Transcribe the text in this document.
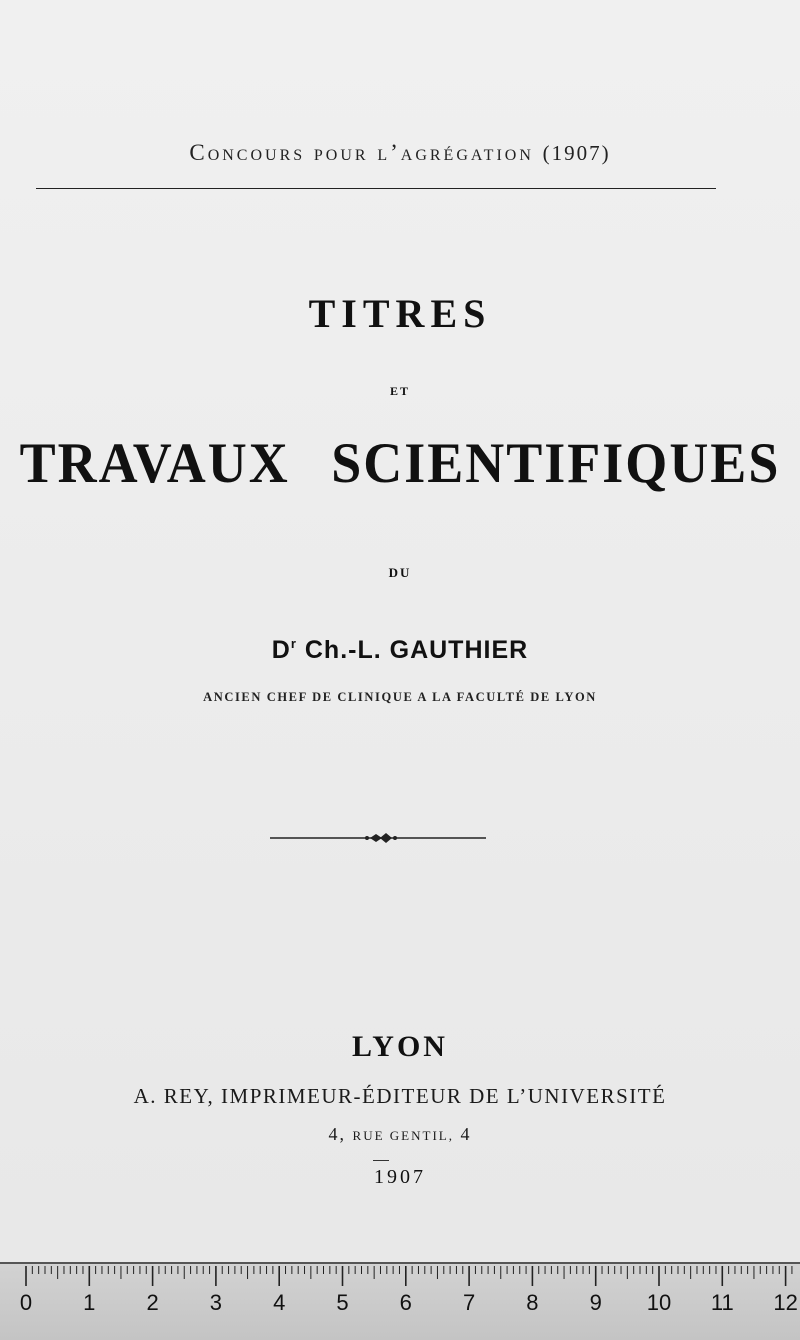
Concours pour l’agrégation (1907)
TITRES
ET
TRAVAUX SCIENTIFIQUES
DU
$D^r$ Ch.-L. GAUTHIER
ANCIEN CHEF DE CLINIQUE A LA FACULTÉ DE LYON
LYON
A. REY, IMPRIMEUR-ÉDITEUR DE L’UNIVERSITÉ
4, RUE GENTIL, 4
1907
0 1 2 3 4 5 6 7 8 9 10 11 12
